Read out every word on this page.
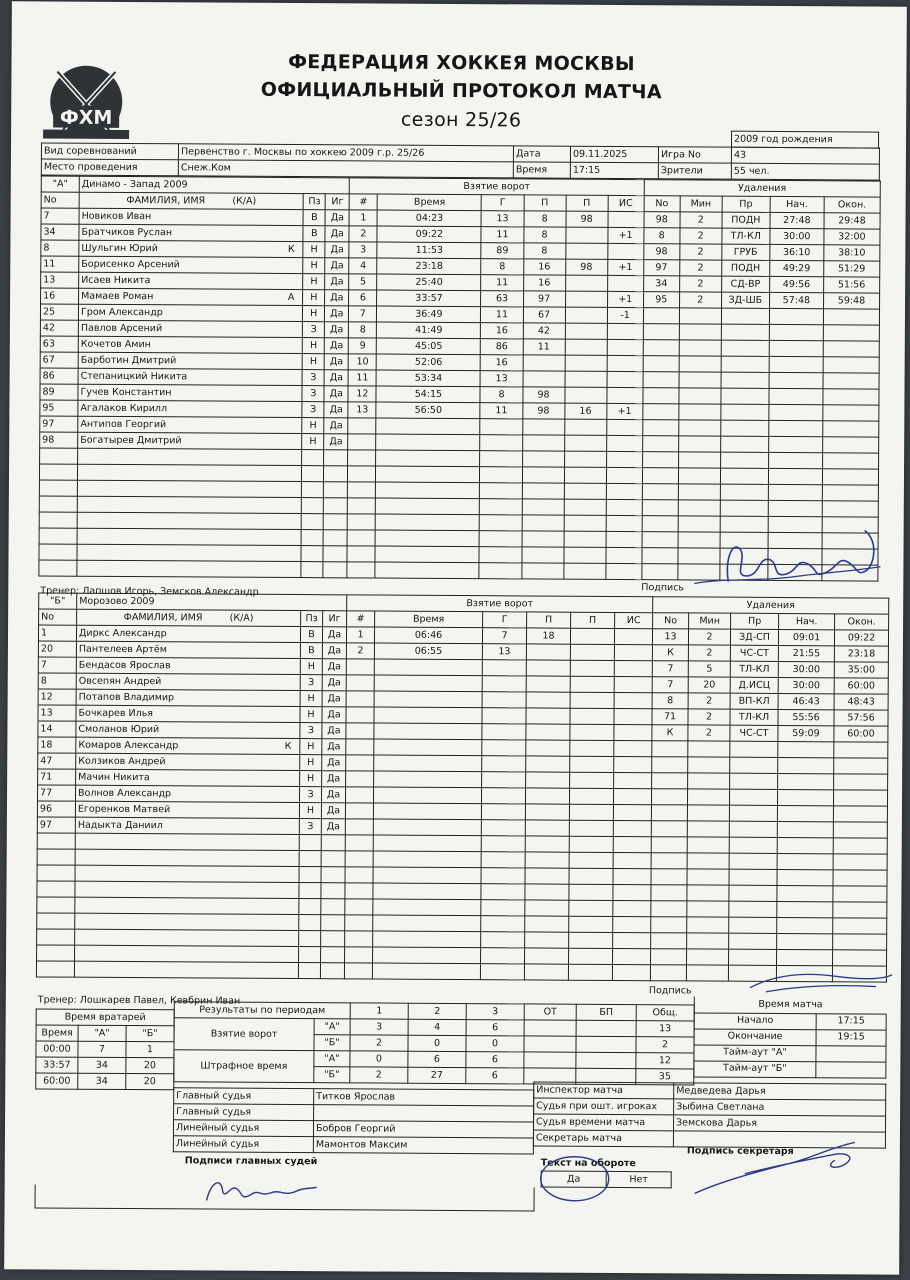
ФХМ
ФЕДЕРАЦИЯ ХОККЕЯ МОСКВЫ
ОФИЦИАЛЬНЫЙ ПРОТОКОЛ МАТЧА
сезон 25/26
2009 год рождения
Вид соревнований	Первенство г. Москвы по хоккею 2009 г.р. 25/26	Дата	09.11.2025	Игра No	43
Место проведения	Снеж.Ком	Время	17:15	Зрители	55 чел.
"А"	Динамо - Запад 2009			Взятие ворот						Удаления				
No	ФАМИЛИЯ, ИМЯ (К/А)	Пз	Иг	#	Время	Г	П	П	ИС	No	Мин	Пр	Нач.	Окон.
7	Новиков Иван	В	Да	1	04:23	13	8	98		98	2	ПОДН	27:48	29:48
34	Братчиков Руслан	В	Да	2	09:22	11	8		+1	8	2	ТЛ-КЛ	30:00	32:00
8	Шульгин Юрий К	Н	Да	3	11:53	89	8			98	2	ГРУБ	36:10	38:10
11	Борисенко Арсений	Н	Да	4	23:18	8	16	98	+1	97	2	ПОДН	49:29	51:29
13	Исаев Никита	Н	Да	5	25:40	11	16			34	2	СД-ВР	49:56	51:56
16	Мамаев Роман А	Н	Да	6	33:57	63	97		+1	95	2	ЗД-ШБ	57:48	59:48
25	Гром Александр	Н	Да	7	36:49	11	67		-1					
42	Павлов Арсений	З	Да	8	41:49	16	42							
63	Кочетов Амин	Н	Да	9	45:05	86	11							
67	Барботин Дмитрий	Н	Да	10	52:06	16								
86	Степаницкий Никита	З	Да	11	53:34	13								
89	Гучев Константин	З	Да	12	54:15	8	98							
95	Агалаков Кирилл	З	Да	13	56:50	11	98	16	+1					
97	Антипов Георгий	Н	Да											
98	Богатырев Дмитрий	Н	Да											

Тренер: Лапшов Игорь, Земсков Александр	Подпись
"Б"	Морозово 2009			Взятие ворот						Удаления				
No	ФАМИЛИЯ, ИМЯ (К/А)	Пз	Иг	#	Время	Г	П	П	ИС	No	Мин	Пр	Нач.	Окон.
1	Диркс Александр	В	Да	1	06:46	7	18			13	2	ЗД-СП	09:01	09:22
20	Пантелеев Артём	В	Да	2	06:55	13				К	2	ЧС-СТ	21:55	23:18
7	Бендасов Ярослав	Н	Да							7	5	ТЛ-КЛ	30:00	35:00
8	Овсепян Андрей	З	Да							7	20	Д.ИСЦ	30:00	60:00
12	Потапов Владимир	Н	Да							8	2	ВП-КЛ	46:43	48:43
13	Бочкарев Илья	Н	Да							71	2	ТЛ-КЛ	55:56	57:56
14	Смоланов Юрий	З	Да							К	2	ЧС-СТ	59:09	60:00
18	Комаров Александр К	Н	Да											
47	Колзиков Андрей	Н	Да											
71	Мачин Никита	Н	Да											
77	Волнов Александр	З	Да											
96	Егоренков Матвей	Н	Да											
97	Надыкта Даниил	З	Да											

Подпись
Тренер: Лошкарев Павел, Кевбрин Иван
Время вратарей		
Время	"А"	"Б"
00:00	7	1
33:57	34	20
60:00	34	20
Результаты по периодам		1	2	3	ОТ	БП	Общ.
Взятие ворот	"А"	3	4	6			13
	"Б"	2	0	0			2
Штрафное время	"А"	0	6	6			12
	"Б"	2	27	6			35
Время матча	
Начало	17:15
Окончание	19:15
Тайм-аут "А"	
Тайм-аут "Б"	
Главный судья	Титков Ярослав
Главный судья	
Линейный судья	Бобров Георгий
Линейный судья	Мамонтов Максим
Подписи главных судей
Инспектор матча	Медведева Дарья
Судья при ошт. игроках	Зыбина Светлана
Судья времени матча	Земскова Дарья
Секретарь матча	
Текст на обороте
Да	Нет
Подпись секретаря
